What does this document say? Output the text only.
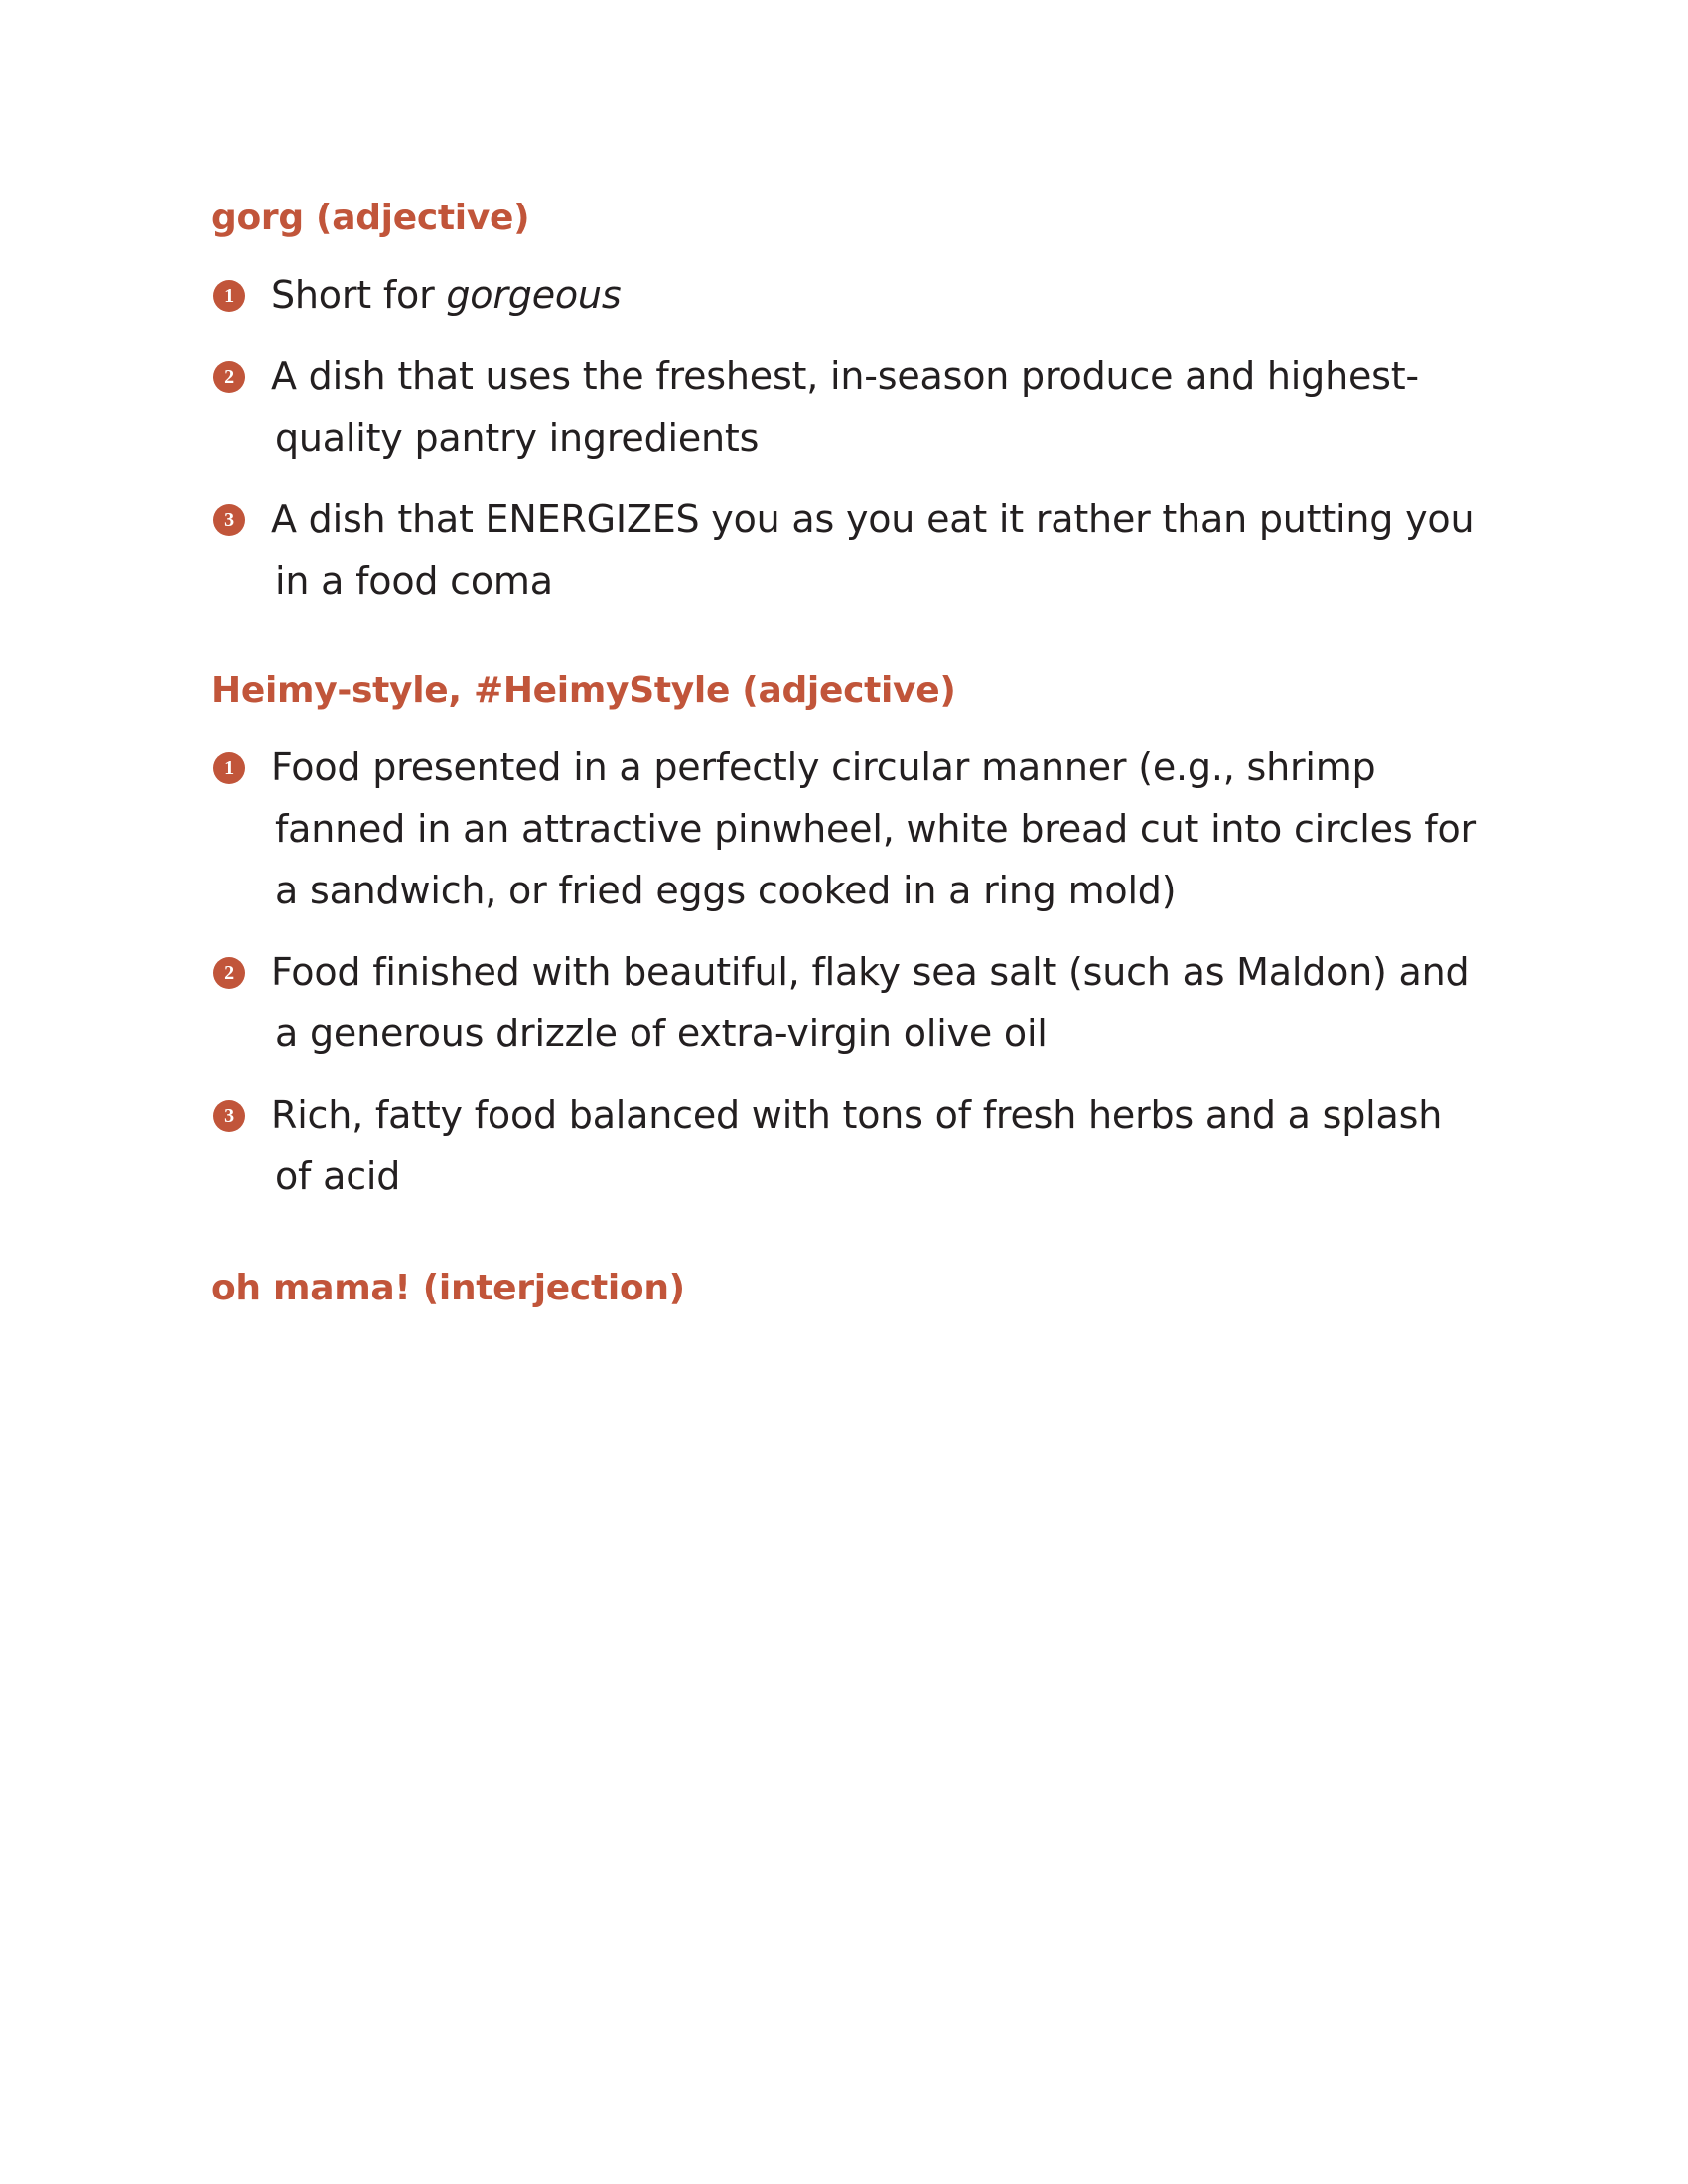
gorg (adjective)
1 Short for gorgeous
2 A dish that uses the freshest, in-season produce and highest-
quality pantry ingredients
3 A dish that ENERGIZES you as you eat it rather than putting you
in a food coma
Heimy-style, #HeimyStyle (adjective)
1 Food presented in a perfectly circular manner (e.g., shrimp
fanned in an attractive pinwheel, white bread cut into circles for
a sandwich, or fried eggs cooked in a ring mold)
2 Food finished with beautiful, flaky sea salt (such as Maldon) and
a generous drizzle of extra-virgin olive oil
3 Rich, fatty food balanced with tons of fresh herbs and a splash
of acid
oh mama! (interjection)
